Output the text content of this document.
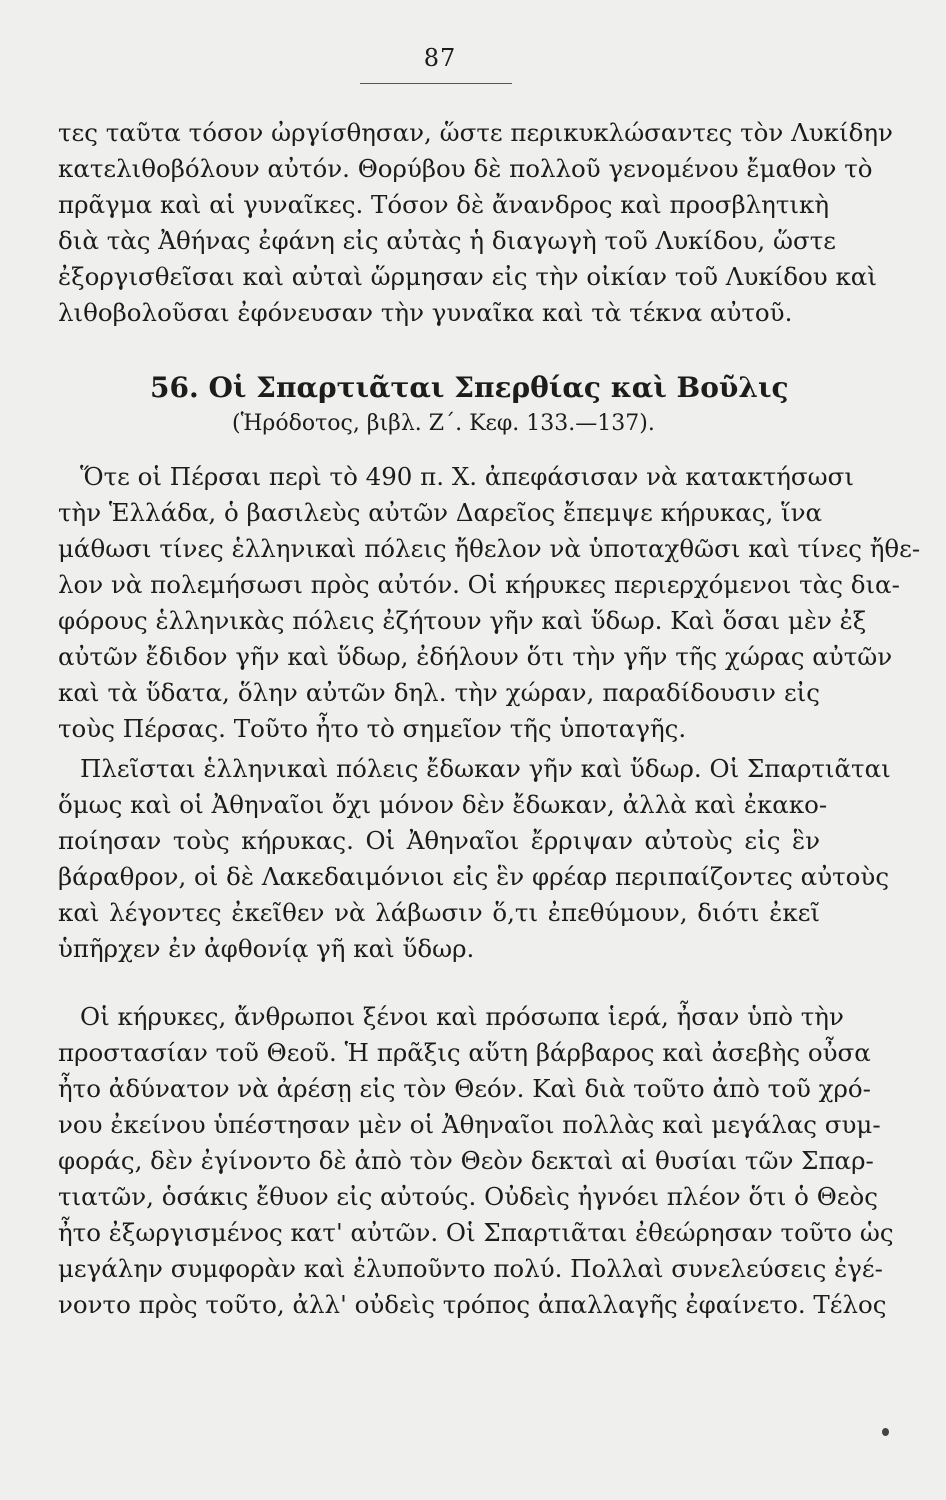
87
τες ταῦτα τόσον ὠργίσθησαν, ὥστε περικυκλώσαντες τὸν Λυκίδην
κατελιθοβόλουν αὐτόν. Θορύβου δὲ πολλοῦ γενομένου ἔμαθον τὸ
πρᾶγμα καὶ αἱ γυναῖκες. Τόσον δὲ ἄνανδρος καὶ προσβλητικὴ
διὰ τὰς Ἀθήνας ἐφάνη εἰς αὐτὰς ἡ διαγωγὴ τοῦ Λυκίδου, ὥστε
ἐξοργισθεῖσαι καὶ αὐταὶ ὥρμησαν εἰς τὴν οἰκίαν τοῦ Λυκίδου καὶ
λιθοβολοῦσαι ἐφόνευσαν τὴν γυναῖκα καὶ τὰ τέκνα αὐτοῦ.
56. Οἱ Σπαρτιᾶται Σπερθίας καὶ Βοῦλις
(Ἡρόδοτος, βιβλ. Ζ΄. Κεφ. 133.—137).
Ὅτε οἱ Πέρσαι περὶ τὸ 490 π. Χ. ἀπεφάσισαν νὰ κατακτήσωσι
τὴν Ἑλλάδα, ὁ βασιλεὺς αὐτῶν Δαρεῖος ἔπεμψε κήρυκας, ἵνα
μάθωσι τίνες ἑλληνικαὶ πόλεις ἤθελον νὰ ὑποταχθῶσι καὶ τίνες ἤθε-
λον νὰ πολεμήσωσι πρὸς αὐτόν. Οἱ κήρυκες περιερχόμενοι τὰς δια-
φόρους ἑλληνικὰς πόλεις ἐζήτουν γῆν καὶ ὕδωρ. Καὶ ὅσαι μὲν ἐξ
αὐτῶν ἔδιδον γῆν καὶ ὕδωρ, ἐδήλουν ὅτι τὴν γῆν τῆς χώρας αὐτῶν
καὶ τὰ ὕδατα, ὅλην αὐτῶν δηλ. τὴν χώραν, παραδίδουσιν εἰς
τοὺς Πέρσας. Τοῦτο ἦτο τὸ σημεῖον τῆς ὑποταγῆς.
Πλεῖσται ἑλληνικαὶ πόλεις ἔδωκαν γῆν καὶ ὕδωρ. Οἱ Σπαρτιᾶται
ὅμως καὶ οἱ Ἀθηναῖοι ὄχι μόνον δὲν ἔδωκαν, ἀλλὰ καὶ ἐκακο-
ποίησαν τοὺς κήρυκας. Οἱ Ἀθηναῖοι ἔρριψαν αὐτοὺς εἰς ἓν
βάραθρον, οἱ δὲ Λακεδαιμόνιοι εἰς ἓν φρέαρ περιπαίζοντες αὐτοὺς
καὶ λέγοντες ἐκεῖθεν νὰ λάβωσιν ὅ,τι ἐπεθύμουν, διότι ἐκεῖ
ὑπῆρχεν ἐν ἀφθονίᾳ γῆ καὶ ὕδωρ.
Οἱ κήρυκες, ἄνθρωποι ξένοι καὶ πρόσωπα ἱερά, ἦσαν ὑπὸ τὴν
προστασίαν τοῦ Θεοῦ. Ἡ πρᾶξις αὕτη βάρβαρος καὶ ἀσεβὴς οὖσα
ἦτο ἀδύνατον νὰ ἀρέσῃ εἰς τὸν Θεόν. Καὶ διὰ τοῦτο ἀπὸ τοῦ χρό-
νου ἐκείνου ὑπέστησαν μὲν οἱ Ἀθηναῖοι πολλὰς καὶ μεγάλας συμ-
φοράς, δὲν ἐγίνοντο δὲ ἀπὸ τὸν Θεὸν δεκταὶ αἱ θυσίαι τῶν Σπαρ-
τιατῶν, ὁσάκις ἔθυον εἰς αὐτούς. Οὐδεὶς ἠγνόει πλέον ὅτι ὁ Θεὸς
ἦτο ἐξωργισμένος κατ' αὐτῶν. Οἱ Σπαρτιᾶται ἐθεώρησαν τοῦτο ὡς
μεγάλην συμφορὰν καὶ ἐλυποῦντο πολύ. Πολλαὶ συνελεύσεις ἐγέ-
νοντο πρὸς τοῦτο, ἀλλ' οὐδεὶς τρόπος ἀπαλλαγῆς ἐφαίνετο. Τέλος
